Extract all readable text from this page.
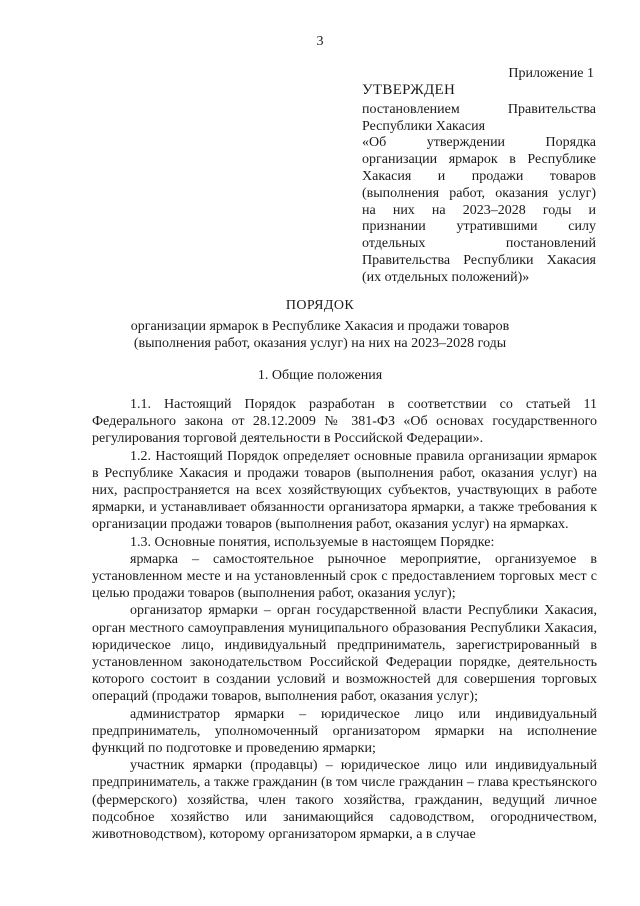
3
Приложение 1
УТВЕРЖДЕН
постановлением Правительства
Республики Хакасия
«Об утверждении Порядка
организации ярмарок в Республике
Хакасия и продажи товаров
(выполнения работ, оказания услуг)
на них на 2023–2028 годы и
признании утратившими силу
отдельных постановлений
Правительства Республики Хакасия
(их отдельных положений)»
ПОРЯДОК
организации ярмарок в Республике Хакасия и продажи товаров
(выполнения работ, оказания услуг) на них на 2023–2028 годы
1. Общие положения

1.1. Настоящий Порядок разработан в соответствии со статьей 11 Федерального закона от 28.12.2009 № 381-ФЗ «Об основах государственного регулирования торговой деятельности в Российской Федерации».

1.2. Настоящий Порядок определяет основные правила организации ярмарок в Республике Хакасия и продажи товаров (выполнения работ, оказания услуг) на них, распространяется на всех хозяйствующих субъектов, участвующих в работе ярмарки, и устанавливает обязанности организатора ярмарки, а также требования к организации продажи товаров (выполнения работ, оказания услуг) на ярмарках.

1.3. Основные понятия, используемые в настоящем Порядке:

ярмарка – самостоятельное рыночное мероприятие, организуемое в установленном месте и на установленный срок с предоставлением торговых мест с целью продажи товаров (выполнения работ, оказания услуг);

организатор ярмарки – орган государственной власти Республики Хакасия, орган местного самоуправления муниципального образования Республики Хакасия, юридическое лицо, индивидуальный предприниматель, зарегистрированный в установленном законодательством Российской Федерации порядке, деятельность которого состоит в создании условий и возможностей для совершения торговых операций (продажи товаров, выполнения работ, оказания услуг);

администратор ярмарки – юридическое лицо или индивидуальный предприниматель, уполномоченный организатором ярмарки на исполнение функций по подготовке и проведению ярмарки;

участник ярмарки (продавцы) – юридическое лицо или индивидуальный предприниматель, а также гражданин (в том числе гражданин – глава крестьянского (фермерского) хозяйства, член такого хозяйства, гражданин, ведущий личное подсобное хозяйство или занимающийся садоводством, огородничеством, животноводством), которому организатором ярмарки, а в случае
